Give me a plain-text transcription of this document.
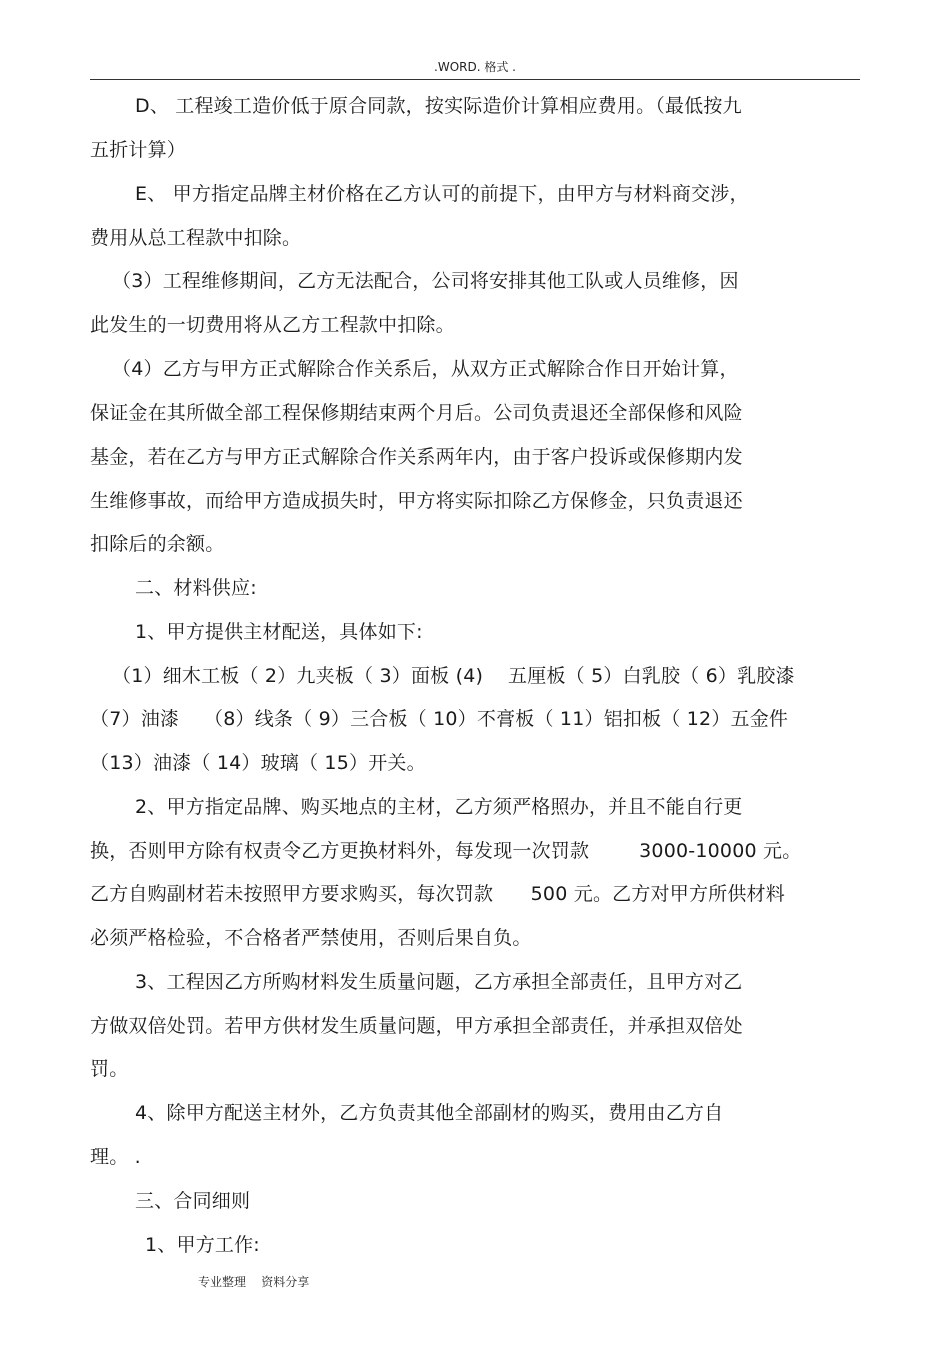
.WORD. 格式 .
D、 工程竣工造价低于原合同款，按实际造价计算相应费用。（最低按九
五折计算）
E、 甲方指定品牌主材价格在乙方认可的前提下，由甲方与材料商交涉，
费用从总工程款中扣除。
（3）工程维修期间，乙方无法配合，公司将安排其他工队或人员维修，因
此发生的一切费用将从乙方工程款中扣除。
（4）乙方与甲方正式解除合作关系后，从双方正式解除合作日开始计算，
保证金在其所做全部工程保修期结束两个月后。公司负责退还全部保修和风险
基金，若在乙方与甲方正式解除合作关系两年内，由于客户投诉或保修期内发
生维修事故，而给甲方造成损失时，甲方将实际扣除乙方保修金，只负责退还
扣除后的余额。
二、材料供应:
1、甲方提供主材配送，具体如下:
（1）细木工板（ 2）九夹板（ 3）面板 (4)    五厘板（ 5）白乳胶（ 6）乳胶漆
（7）油漆    （8）线条（ 9）三合板（ 10）不膏板（ 11）铝扣板（ 12）五金件
（13）油漆（ 14）玻璃（ 15）开关。
2、甲方指定品牌、购买地点的主材，乙方须严格照办，并且不能自行更
换，否则甲方除有权责令乙方更换材料外，每发现一次罚款        3000-10000 元。
乙方自购副材若未按照甲方要求购买，每次罚款      500 元。乙方对甲方所供材料
必须严格检验，不合格者严禁使用，否则后果自负。
3、工程因乙方所购材料发生质量问题，乙方承担全部责任，且甲方对乙
方做双倍处罚。若甲方供材发生质量问题，甲方承担全部责任，并承担双倍处
罚。
4、除甲方配送主材外，乙方负责其他全部副材的购买，费用由乙方自
理。 .
三、合同细则
1、甲方工作:
专业整理    资料分享
